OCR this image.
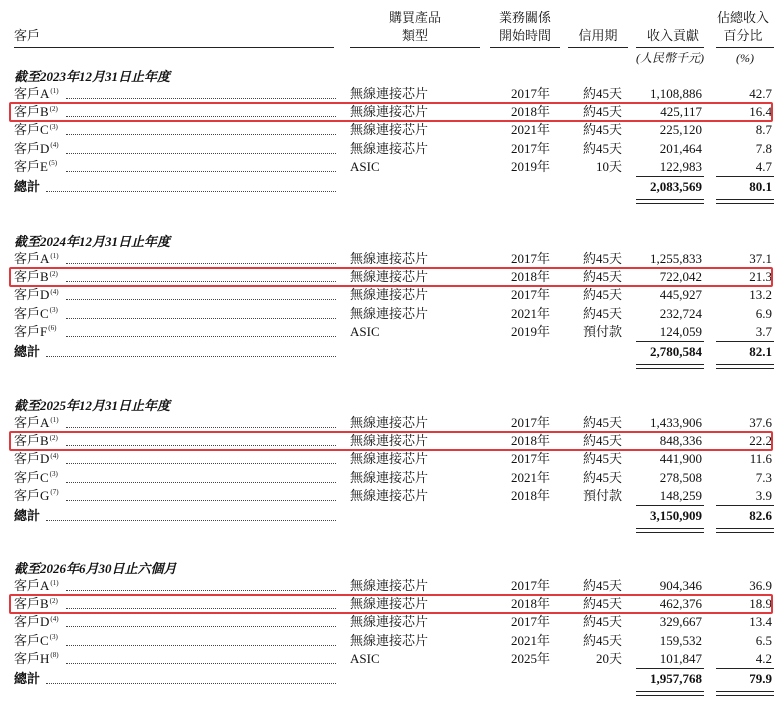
客戶
購買產品
類型
業務關係
開始時間	信用期	收入貢獻
佔總收入
百分比
(人民幣千元)	(%)
截至2023年12月31日止年度
客戶$A^{(1)}$	無線連接芯片	2017年	約45天	1,108,886	42.7
客戶$B^{(2)}$	無線連接芯片	2018年	約45天	425,117	16.4
客戶$C^{(3)}$	無線連接芯片	2021年	約45天	225,120	8.7
客戶$D^{(4)}$	無線連接芯片	2017年	約45天	201,464	7.8
客戶$E^{(5)}$	ASIC	2019年	10天	122,983	4.7
總計	2,083,569	80.1
截至2024年12月31日止年度
客戶$A^{(1)}$	無線連接芯片	2017年	約45天	1,255,833	37.1
客戶$B^{(2)}$	無線連接芯片	2018年	約45天	722,042	21.3
客戶$D^{(4)}$	無線連接芯片	2017年	約45天	445,927	13.2
客戶$C^{(3)}$	無線連接芯片	2021年	約45天	232,724	6.9
客戶$F^{(6)}$	ASIC	2019年	預付款	124,059	3.7
總計	2,780,584	82.1
截至2025年12月31日止年度
客戶$A^{(1)}$	無線連接芯片	2017年	約45天	1,433,906	37.6
客戶$B^{(2)}$	無線連接芯片	2018年	約45天	848,336	22.2
客戶$D^{(4)}$	無線連接芯片	2017年	約45天	441,900	11.6
客戶$C^{(3)}$	無線連接芯片	2021年	約45天	278,508	7.3
客戶$G^{(7)}$	無線連接芯片	2018年	預付款	148,259	3.9
總計	3,150,909	82.6
截至2026年6月30日止六個月
客戶$A^{(1)}$	無線連接芯片	2017年	約45天	904,346	36.9
客戶$B^{(2)}$	無線連接芯片	2018年	約45天	462,376	18.9
客戶$D^{(4)}$	無線連接芯片	2017年	約45天	329,667	13.4
客戶$C^{(3)}$	無線連接芯片	2021年	約45天	159,532	6.5
客戶$H^{(8)}$	ASIC	2025年	20天	101,847	4.2
總計	1,957,768	79.9
